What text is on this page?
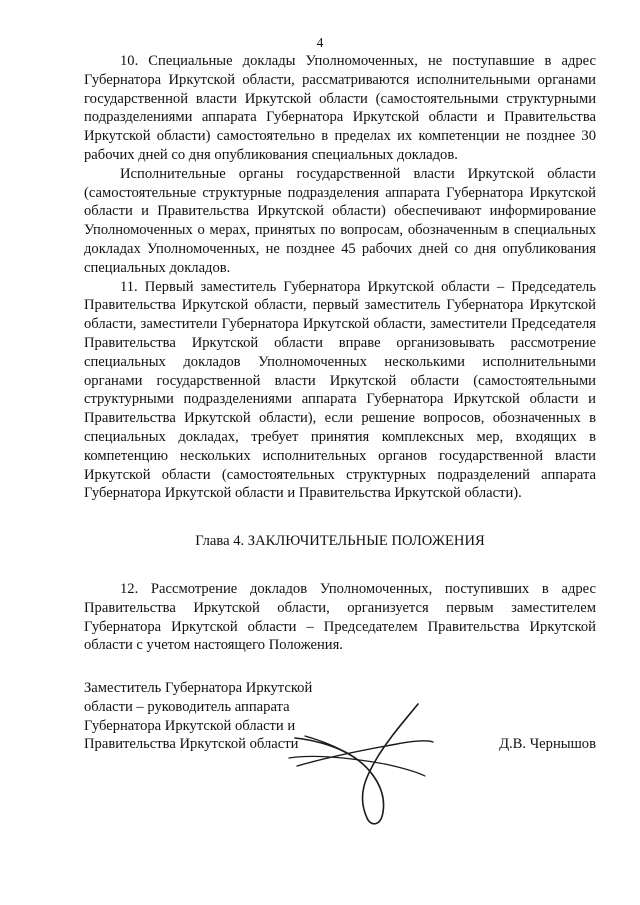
4

10. Специальные доклады Уполномоченных, не поступавшие в адрес Губернатора Иркутской области, рассматриваются исполнительными органами государственной власти Иркутской области (самостоятельными структурными подразделениями аппарата Губернатора Иркутской области и Правительства Иркутской области) самостоятельно в пределах их компетенции не позднее 30 рабочих дней со дня опубликования специальных докладов.

Исполнительные органы государственной власти Иркутской области (самостоятельные структурные подразделения аппарата Губернатора Иркутской области и Правительства Иркутской области) обеспечивают информирование Уполномоченных о мерах, принятых по вопросам, обозначенным в специальных докладах Уполномоченных, не позднее 45 рабочих дней со дня опубликования специальных докладов.

11. Первый заместитель Губернатора Иркутской области – Председатель Правительства Иркутской области, первый заместитель Губернатора Иркутской области, заместители Губернатора Иркутской области, заместители Председателя Правительства Иркутской области вправе организовывать рассмотрение специальных докладов Уполномоченных несколькими исполнительными органами государственной власти Иркутской области (самостоятельными структурными подразделениями аппарата Губернатора Иркутской области и Правительства Иркутской области), если решение вопросов, обозначенных в специальных докладах, требует принятия комплексных мер, входящих в компетенцию нескольких исполнительных органов государственной власти Иркутской области (самостоятельных структурных подразделений аппарата Губернатора Иркутской области и Правительства Иркутской области).

Глава 4. ЗАКЛЮЧИТЕЛЬНЫЕ ПОЛОЖЕНИЯ

12. Рассмотрение докладов Уполномоченных, поступивших в адрес Правительства Иркутской области, организуется первым заместителем Губернатора Иркутской области – Председателем Правительства Иркутской области с учетом настоящего Положения.

Заместитель Губернатора Иркутской
области – руководитель аппарата
Губернатора Иркутской области и
Правительства Иркутской области	Д.В. Чернышов
